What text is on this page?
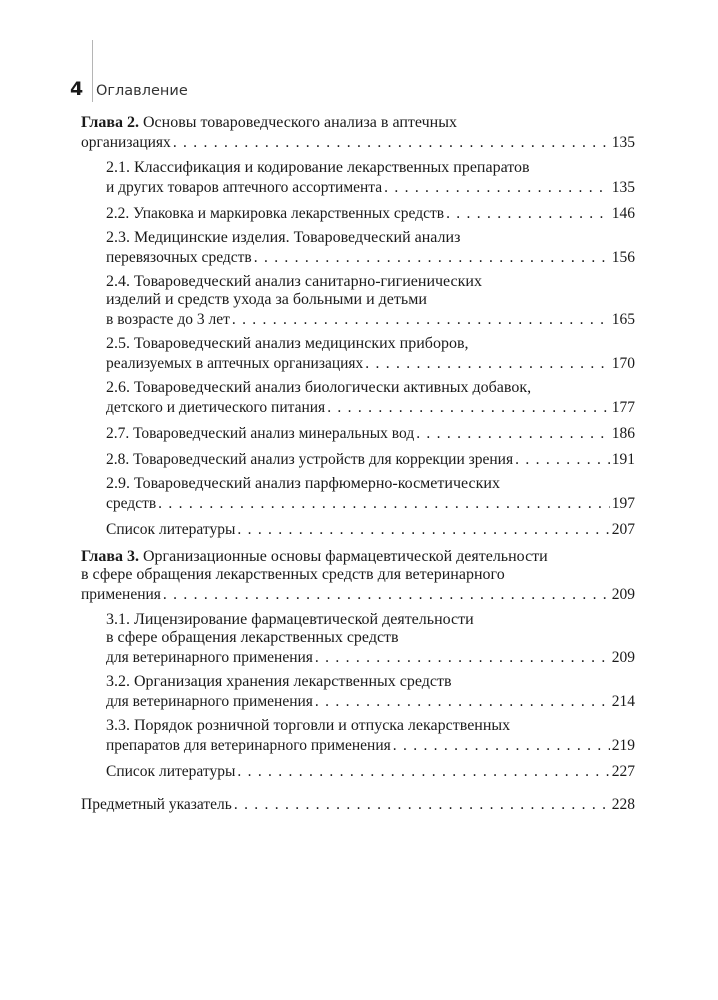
4 Оглавление
Глава 2. Основы товароведческого анализа в аптечных
организациях . .	135
2.1. Классификация и кодирование лекарственных препаратов
и других товаров аптечного ассортимента . .	135
2.2. Упаковка и маркировка лекарственных средств . .	146
2.3. Медицинские изделия. Товароведческий анализ
перевязочных средств . .	156
2.4. Товароведческий анализ санитарно-гигиенических
изделий и средств ухода за больными и детьми
в возрасте до 3 лет . .	165
2.5. Товароведческий анализ медицинских приборов,
реализуемых в аптечных организациях . .	170
2.6. Товароведческий анализ биологически активных добавок,
детского и диетического питания . .	177
2.7. Товароведческий анализ минеральных вод . .	186
2.8. Товароведческий анализ устройств для коррекции зрения . .	191
2.9. Товароведческий анализ парфюмерно-косметических
средств . .	197
Список литературы . .	207
Глава 3. Организационные основы фармацевтической деятельности
в сфере обращения лекарственных средств для ветеринарного
применения . .	209
3.1. Лицензирование фармацевтической деятельности
в сфере обращения лекарственных средств
для ветеринарного применения . .	209
3.2. Организация хранения лекарственных средств
для ветеринарного применения . .	214
3.3. Порядок розничной торговли и отпуска лекарственных
препаратов для ветеринарного применения . .	219
Список литературы . .	227
Предметный указатель . .	228
